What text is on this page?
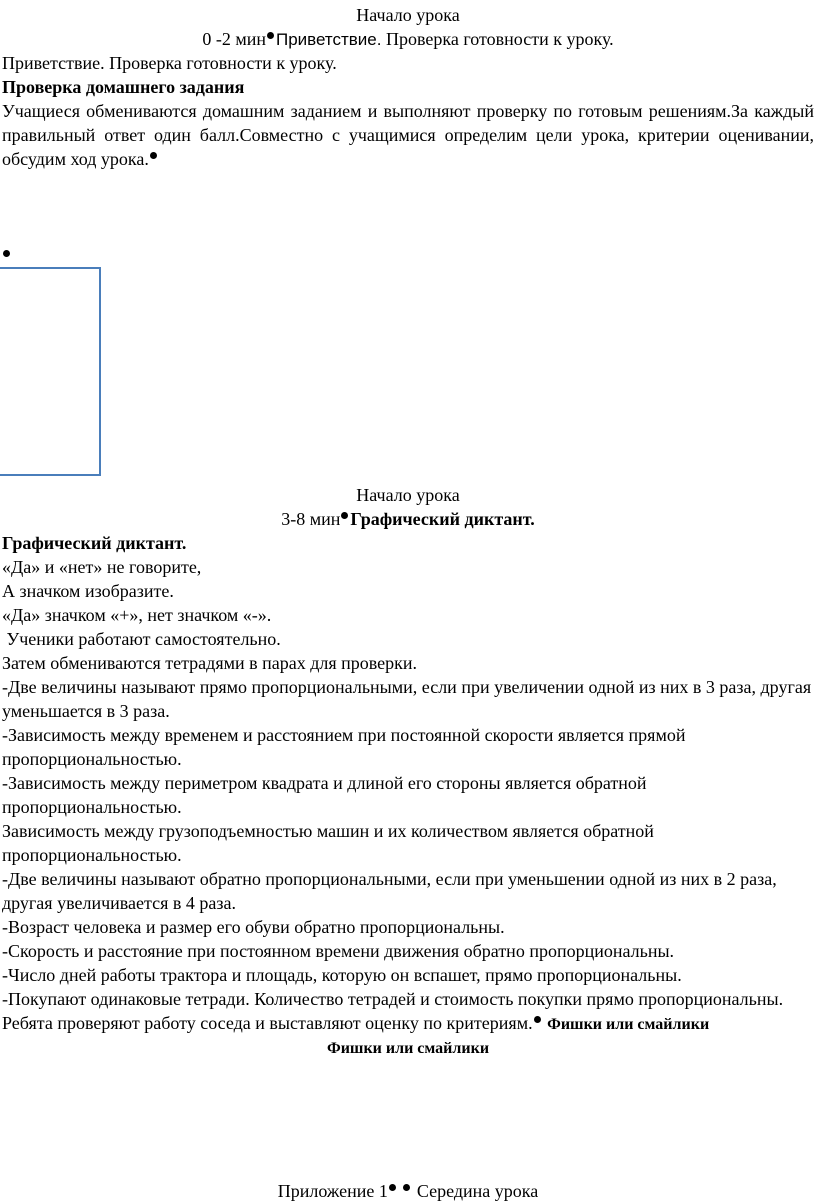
Начало урока
0 -2 мин Приветствие. Проверка готовности к уроку.
Приветствие. Проверка готовности к уроку.
Проверка домашнего задания
Учащиеся обмениваются домашним заданием и выполняют проверку по готовым решениям.За каждый правильный ответ один балл.Совместно с учащимися определим цели урока, критерии оценивании, обсудим ход урока.
Начало урока
3-8 мин Графический диктант.
Графический диктант.
«Да» и «нет» не говорите,
А значком изобразите.
«Да» значком «+», нет значком «-».
Ученики работают самостоятельно.
Затем обмениваются тетрадями в парах для проверки.
-Две величины называют прямо пропорциональными, если при увеличении одной из них в 3 раза, другая уменьшается в 3 раза.
-Зависимость между временем и расстоянием при постоянной скорости является прямой пропорциональностью.
-Зависимость между периметром квадрата и длиной его стороны является обратной пропорциональностью.
Зависимость между грузоподъемностью машин и их количеством является обратной пропорциональностью.
-Две величины называют обратно пропорциональными, если при уменьшении одной из них в 2 раза, другая увеличивается в 4 раза.
-Возраст человека и размер его обуви обратно пропорциональны.
-Скорость и расстояние при постоянном времени движения обратно пропорциональны.
-Число дней работы трактора и площадь, которую он вспашет, прямо пропорциональны.
-Покупают одинаковые тетради. Количество тетрадей и стоимость покупки прямо пропорциональны.
Ребята проверяют работу соседа и выставляют оценку по критериям. Фишки или смайлики
Фишки или смайлики
Приложение 1 Середина урока
